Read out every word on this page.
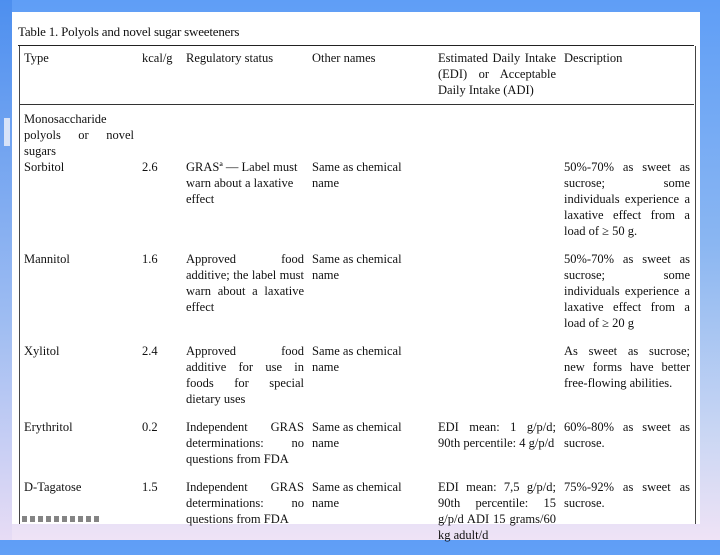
Table 1. Polyols and novel sugar sweeteners
Type	kcal/g	Regulatory status	Other names	Estimated Daily Intake (EDI) or Acceptable Daily Intake (ADI)	Description
Monosaccharide polyols or novel sugars					
Sorbitol	2.6	GRASª — Label must warn about a laxative effect	Same as chemical name		50%-70% as sweet as sucrose; some individuals experience a laxative effect from a load of ≥ 50 g.
Mannitol	1.6	Approved food additive; the label must warn about a laxative effect	Same as chemical name		50%-70% as sweet as sucrose; some individuals experience a laxative effect from a load of ≥ 20 g
Xylitol	2.4	Approved food additive for use in foods for special dietary uses	Same as chemical name		As sweet as sucrose; new forms have better free-flowing abilities.
Erythritol	0.2	Independent GRAS determinations: no questions from FDA	Same as chemical name	EDI mean: 1 g/p/d; 90th percentile: 4 g/p/d	60%-80% as sweet as sucrose.
D-Tagatose	1.5	Independent GRAS determinations: no questions from FDA	Same as chemical name	EDI mean: 7,5 g/p/d; 90th percentile: 15 g/p/d ADI 15 grams/60 kg adult/d	75%-92% as sweet as sucrose.
